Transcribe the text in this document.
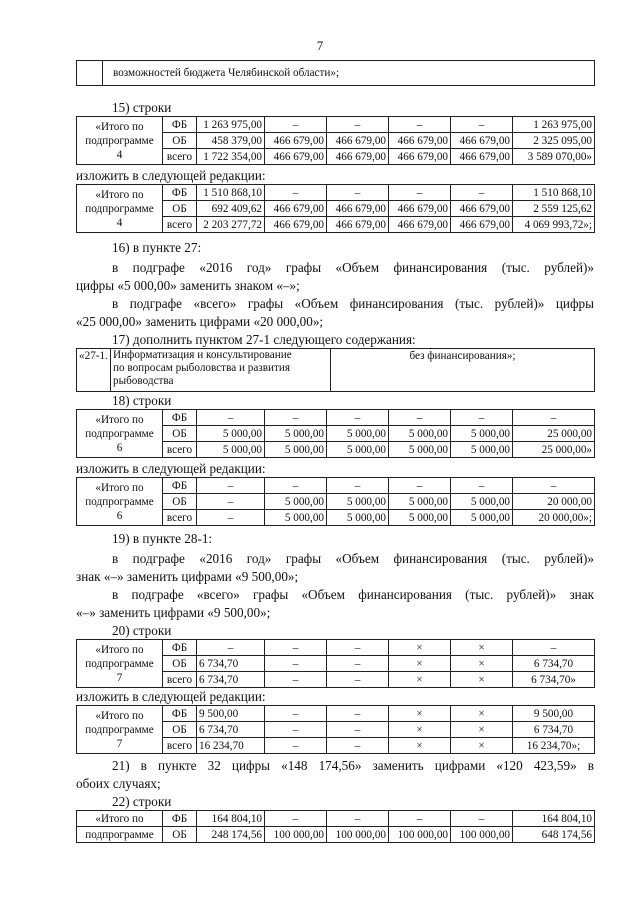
7
	возможностей бюджета Челябинской области»;

15) строки

«Итого по
подпрограмме
4	ФБ	1 263 975,00	–	–	–	–	1 263 975,00
	ОБ	458 379,00	466 679,00	466 679,00	466 679,00	466 679,00	2 325 095,00
	всего	1 722 354,00	466 679,00	466 679,00	466 679,00	466 679,00	3 589 070,00»

изложить в следующей редакции:

«Итого по
подпрограмме
4	ФБ	1 510 868,10	–	–	–	–	1 510 868,10
	ОБ	692 409,62	466 679,00	466 679,00	466 679,00	466 679,00	2 559 125,62
	всего	2 203 277,72	466 679,00	466 679,00	466 679,00	466 679,00	4 069 993,72»;

16) в пункте 27:

в подграфе «2016 год» графы «Объем финансирования (тыс. рублей)»

цифры «5 000,00» заменить знаком «–»;

в подграфе «всего» графы «Объем финансирования (тыс. рублей)» цифры

«25 000,00» заменить цифрами «20 000,00»;

17) дополнить пунктом 27-1 следующего содержания:

«27-1.	Информатизация и консультирование
по вопросам рыболовства и развития
рыбоводства	без финансирования»;

18) строки

«Итого по
подпрограмме
6	ФБ	–	–	–	–	–	–
	ОБ	5 000,00	5 000,00	5 000,00	5 000,00	5 000,00	25 000,00
	всего	5 000,00	5 000,00	5 000,00	5 000,00	5 000,00	25 000,00»

изложить в следующей редакции:

«Итого по
подпрограмме
6	ФБ	–	–	–	–	–	–
	ОБ	–	5 000,00	5 000,00	5 000,00	5 000,00	20 000,00
	всего	–	5 000,00	5 000,00	5 000,00	5 000,00	20 000,00»;

19) в пункте 28-1:

в подграфе «2016 год» графы «Объем финансирования (тыс. рублей)»

знак «–» заменить цифрами «9 500,00»;

в подграфе «всего» графы «Объем финансирования (тыс. рублей)» знак

«–» заменить цифрами «9 500,00»;

20) строки

«Итого по
подпрограмме
7	ФБ	–	–	–	×	×	–
	ОБ	6 734,70	–	–	×	×	6 734,70
	всего	6 734,70	–	–	×	×	6 734,70»

изложить в следующей редакции:

«Итого по
подпрограмме
7	ФБ	9 500,00	–	–	×	×	9 500,00
	ОБ	6 734,70	–	–	×	×	6 734,70
	всего	16 234,70	–	–	×	×	16 234,70»;

21) в пункте 32 цифры «148 174,56» заменить цифрами «120 423,59» в

обоих случаях;

22) строки

«Итого по	ФБ	164 804,10	–	–	–	–	164 804,10
подпрограмме	ОБ	248 174,56	100 000,00	100 000,00	100 000,00	100 000,00	648 174,56
